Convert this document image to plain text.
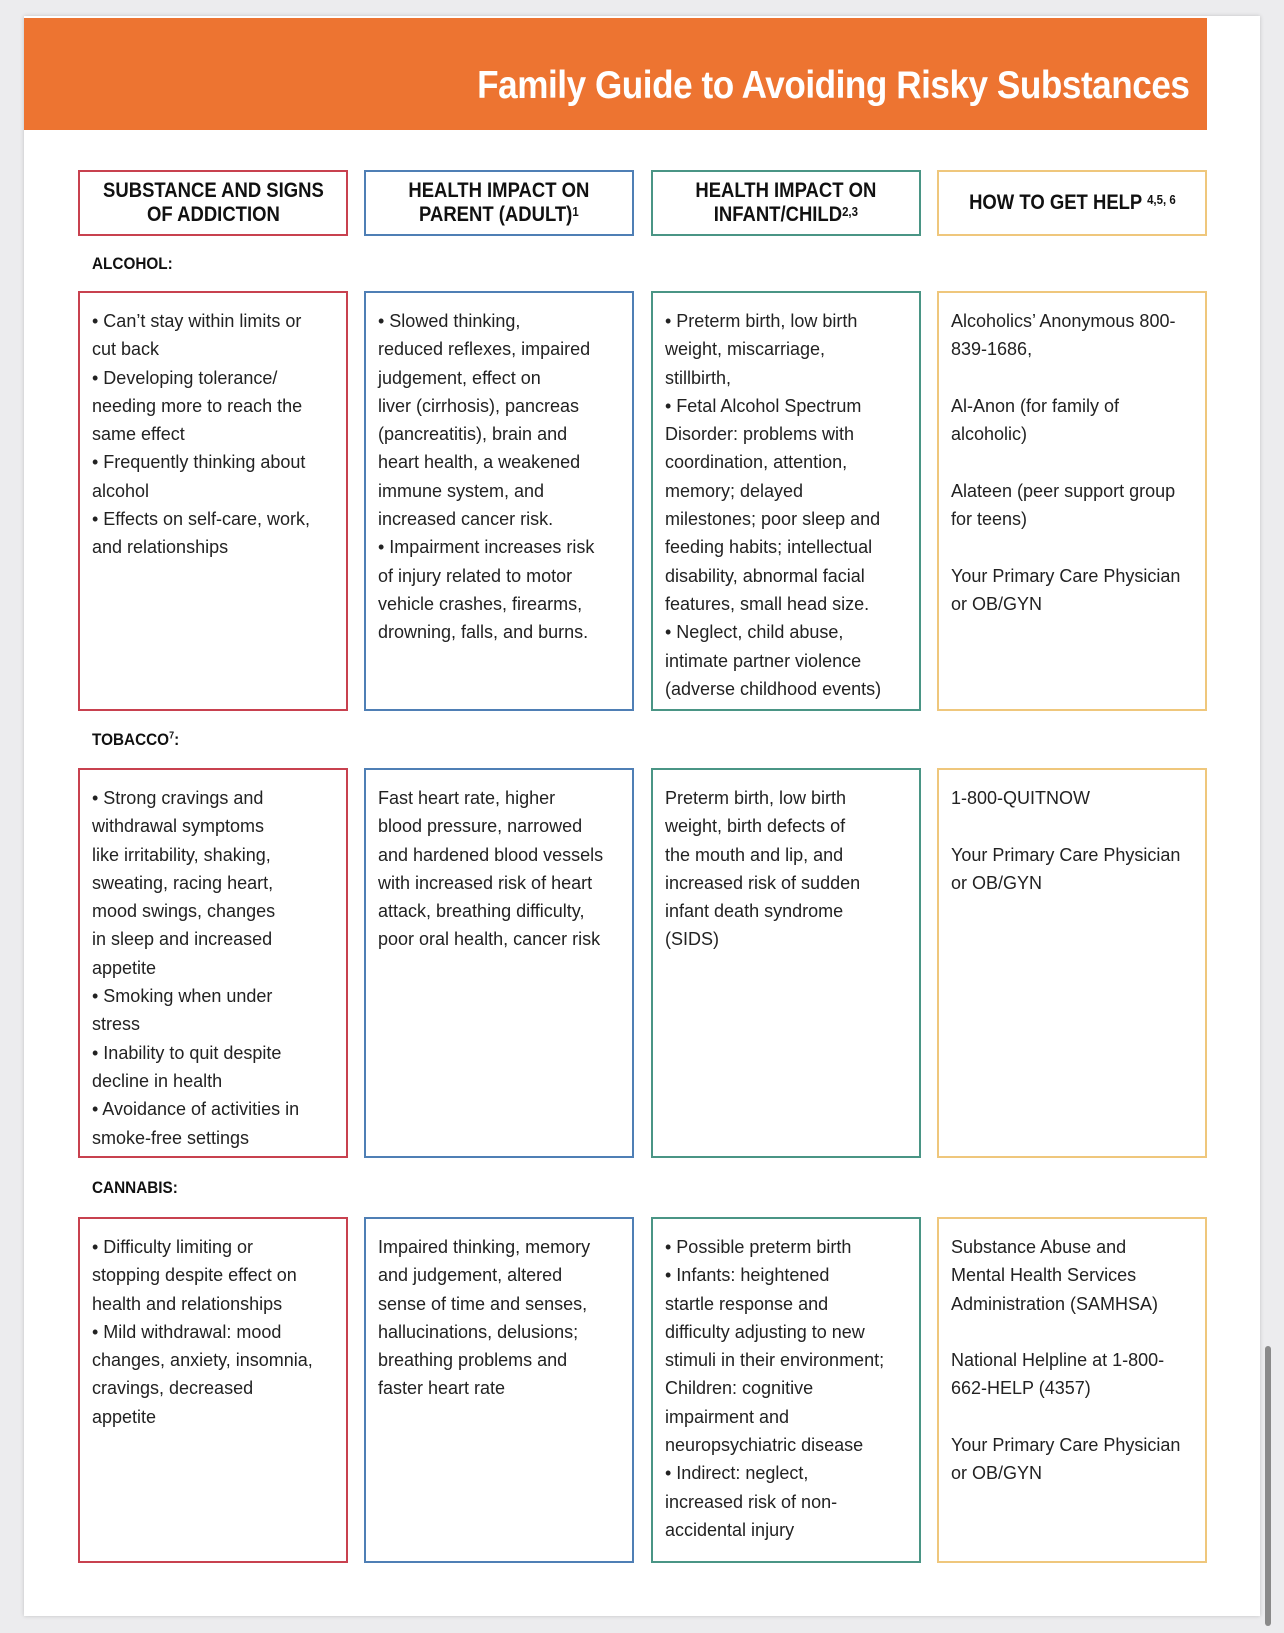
Family Guide to Avoiding Risky Substances
SUBSTANCE AND SIGNS
OF ADDICTION
HEALTH IMPACT ON
PARENT (ADULT)$^1$
HEALTH IMPACT ON
INFANT/CHILD$^{2,3}$	HOW TO GET HELP $^{4,5, 6}$
ALCOHOL:

• Can’t stay within limits or
cut back
• Developing tolerance/
needing more to reach the
same effect
• Frequently thinking about
alcohol
• Effects on self-care, work,
and relationships

• Slowed thinking,
reduced reflexes, impaired
judgement, effect on
liver (cirrhosis), pancreas
(pancreatitis), brain and
heart health, a weakened
immune system, and
increased cancer risk.
• Impairment increases risk
of injury related to motor
vehicle crashes, firearms,
drowning, falls, and burns.

• Preterm birth, low birth
weight, miscarriage,
stillbirth,
• Fetal Alcohol Spectrum
Disorder: problems with
coordination, attention,
memory; delayed
milestones; poor sleep and
feeding habits; intellectual
disability, abnormal facial
features, small head size.
• Neglect, child abuse,
intimate partner violence
(adverse childhood events)

Alcoholics’ Anonymous 800-
839-1686,

Al-Anon (for family of
alcoholic)

Alateen (peer support group
for teens)

Your Primary Care Physician
or OB/GYN

TOBACCO$^7$:

• Strong cravings and
withdrawal symptoms
like irritability, shaking,
sweating, racing heart,
mood swings, changes
in sleep and increased
appetite
• Smoking when under
stress
• Inability to quit despite
decline in health
• Avoidance of activities in
smoke-free settings

Fast heart rate, higher
blood pressure, narrowed
and hardened blood vessels
with increased risk of heart
attack, breathing difficulty,
poor oral health, cancer risk

Preterm birth, low birth
weight, birth defects of
the mouth and lip, and
increased risk of sudden
infant death syndrome
(SIDS)

1-800-QUITNOW

Your Primary Care Physician
or OB/GYN

CANNABIS:

• Difficulty limiting or
stopping despite effect on
health and relationships
• Mild withdrawal: mood
changes, anxiety, insomnia,
cravings, decreased
appetite

Impaired thinking, memory
and judgement, altered
sense of time and senses,
hallucinations, delusions;
breathing problems and
faster heart rate

• Possible preterm birth
• Infants: heightened
startle response and
difficulty adjusting to new
stimuli in their environment;
Children: cognitive
impairment and
neuropsychiatric disease
• Indirect: neglect,
increased risk of non-
accidental injury

Substance Abuse and
Mental Health Services
Administration (SAMHSA)

National Helpline at 1-800-
662-HELP (4357)

Your Primary Care Physician
or OB/GYN
